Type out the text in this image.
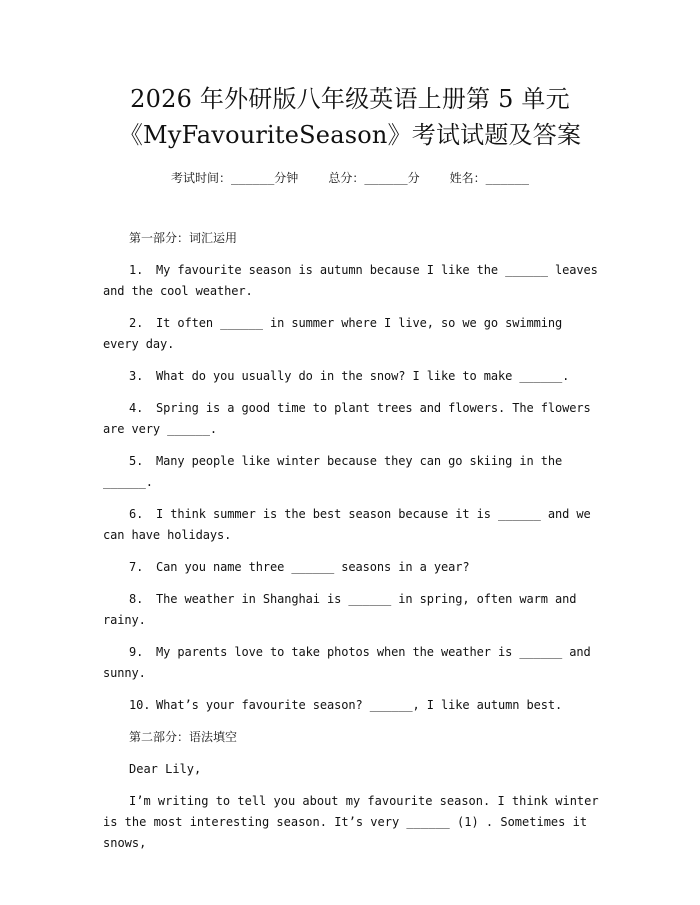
2026 年外研版八年级英语上册第 5 单元
《MyFavouriteSeason》考试试题及答案
考试时间：______分钟	总分：______分	姓名：______

第一部分：词汇运用

1. My favourite season is autumn because I like the ______ leaves and the cool weather.

2. It often ______ in summer where I live, so we go swimming every day.

3. What do you usually do in the snow? I like to make ______.

4. Spring is a good time to plant trees and flowers. The flowers are very ______.

5. Many people like winter because they can go skiing in the ______.

6. I think summer is the best season because it is ______ and we can have holidays.

7. Can you name three ______ seasons in a year?

8. The weather in Shanghai is ______ in spring, often warm and rainy.

9. My parents love to take photos when the weather is ______ and sunny.

10. What’s your favourite season? ______, I like autumn best.

第二部分：语法填空

Dear Lily,

I’m writing to tell you about my favourite season. I think winter is the most interesting season. It’s very ______ (1) . Sometimes it snows,
